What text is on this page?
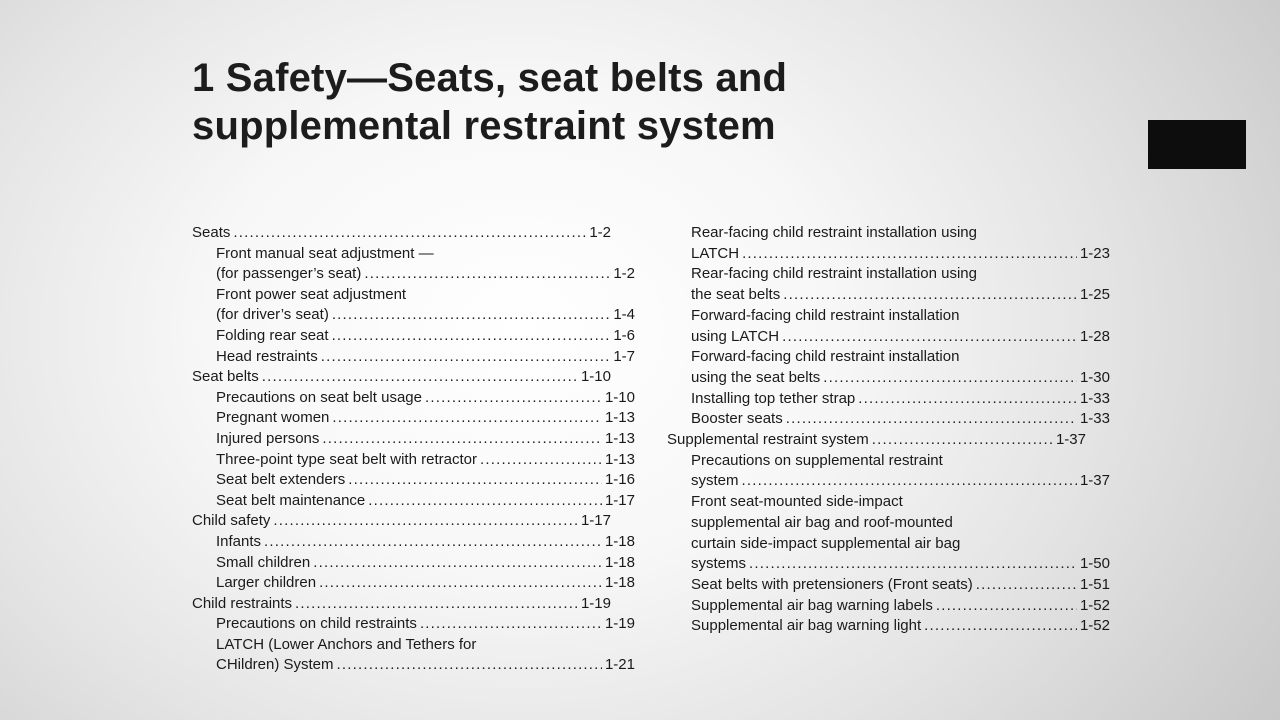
1 Safety—Seats, seat belts and
supplemental restraint system
Seats .....	1-2
Front manual seat adjustment —
(for passenger’s seat) .....	1-2
Front power seat adjustment
(for driver’s seat) .....	1-4
Folding rear seat .....	1-6
Head restraints .....	1-7
Seat belts .....	1-10
Precautions on seat belt usage .....	1-10
Pregnant women .....	1-13
Injured persons .....	1-13
Three-point type seat belt with retractor .....	1-13
Seat belt extenders .....	1-16
Seat belt maintenance .....	1-17
Child safety .....	1-17
Infants .....	1-18
Small children .....	1-18
Larger children .....	1-18
Child restraints .....	1-19
Precautions on child restraints .....	1-19
LATCH (Lower Anchors and Tethers for
CHildren) System .....	1-21
Rear-facing child restraint installation using
LATCH .....	1-23
Rear-facing child restraint installation using
the seat belts .....	1-25
Forward-facing child restraint installation
using LATCH .....	1-28
Forward-facing child restraint installation
using the seat belts .....	1-30
Installing top tether strap .....	1-33
Booster seats .....	1-33
Supplemental restraint system .....	1-37
Precautions on supplemental restraint
system .....	1-37
Front seat-mounted side-impact
supplemental air bag and roof-mounted
curtain side-impact supplemental air bag
systems .....	1-50
Seat belts with pretensioners (Front seats) .....	1-51
Supplemental air bag warning labels .....	1-52
Supplemental air bag warning light .....	1-52
